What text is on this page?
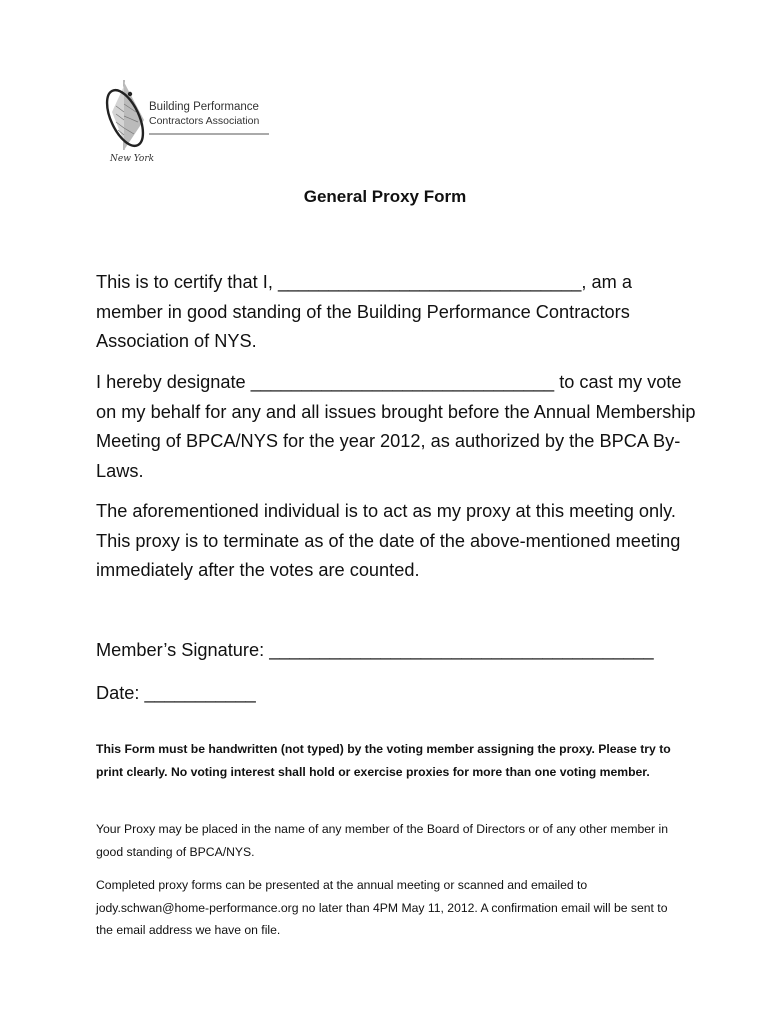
Building Performance
Contractors Association
New York
General Proxy Form

This is to certify that I, ______________________________, am a member in good standing of the Building Performance Contractors Association of NYS.

I hereby designate ______________________________ to cast my vote on my behalf for any and all issues brought before the Annual Membership Meeting of BPCA/NYS for the year 2012, as authorized by the BPCA By-Laws.

The aforementioned individual is to act as my proxy at this meeting only. This proxy is to terminate as of the date of the above-mentioned meeting immediately after the votes are counted.

Member’s Signature: ______________________________________
Date: ___________

This Form must be handwritten (not typed) by the voting member assigning the proxy. Please try to print clearly. No voting interest shall hold or exercise proxies for more than one voting member.

Your Proxy may be placed in the name of any member of the Board of Directors or of any other member in good standing of BPCA/NYS.

Completed proxy forms can be presented at the annual meeting or scanned and emailed to jody.schwan@home-performance.org no later than 4PM May 11, 2012. A confirmation email will be sent to the email address we have on file.
